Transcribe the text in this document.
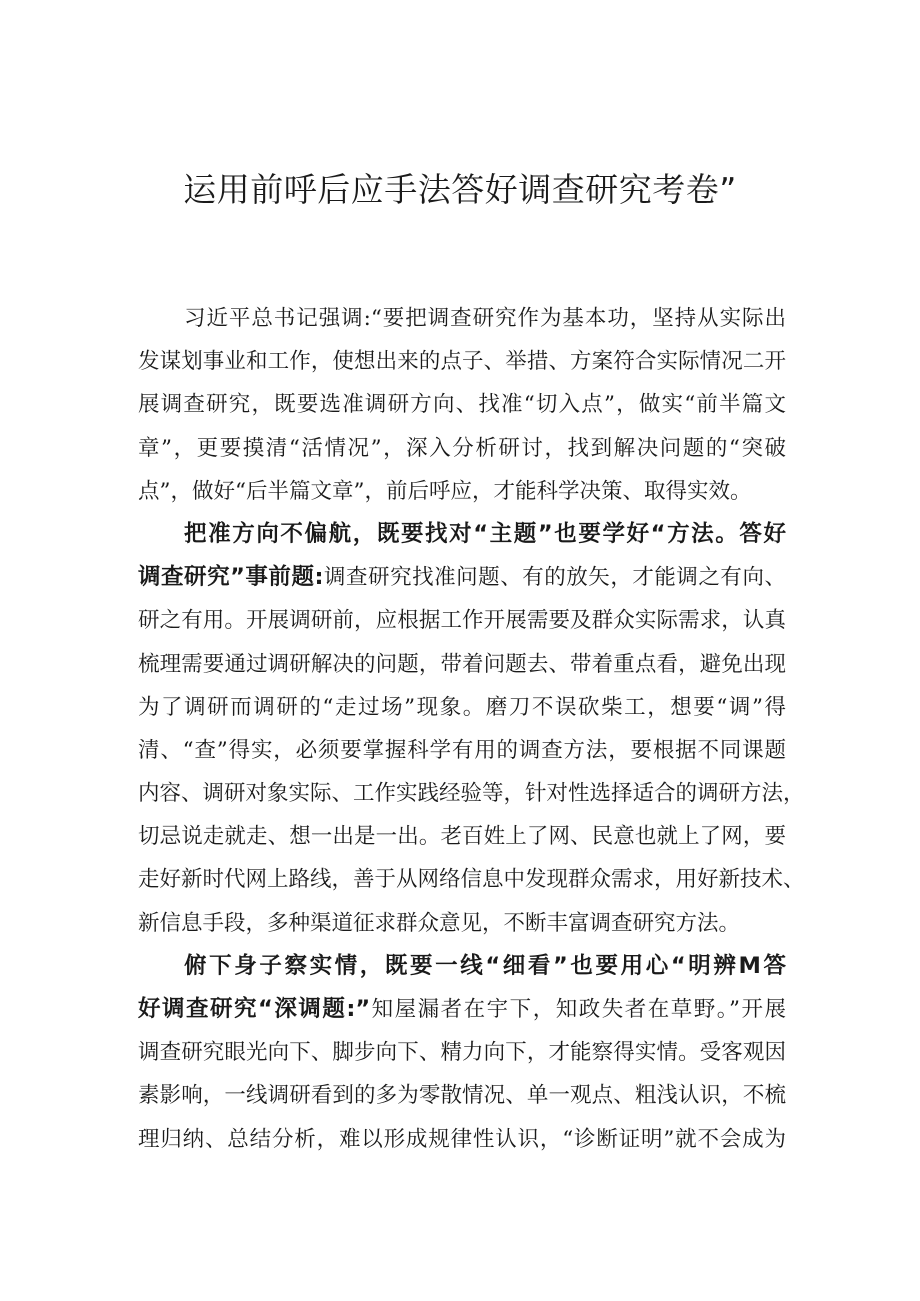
运用前呼后应手法答好调查研究考卷”
习近平总书记强调:“要把调查研究作为基本功，坚持从实际出
发谋划事业和工作，使想出来的点子、举措、方案符合实际情况二开
展调查研究，既要选准调研方向、找准“切入点”，做实“前半篇文
章”，更要摸清“活情况”，深入分析研讨，找到解决问题的“突破
点”，做好“后半篇文章”，前后呼应，才能科学决策、取得实效。
把准方向不偏航，既要找对“主题”也要学好“方法。答好
调查研究”事前题:调查研究找准问题、有的放矢，才能调之有向、
研之有用。开展调研前，应根据工作开展需要及群众实际需求，认真
梳理需要通过调研解决的问题，带着问题去、带着重点看，避免出现
为了调研而调研的“走过场”现象。磨刀不误砍柴工，想要“调”得
清、“查”得实，必须要掌握科学有用的调查方法，要根据不同课题
内容、调研对象实际、工作实践经验等，针对性选择适合的调研方法，
切忌说走就走、想一出是一出。老百姓上了网、民意也就上了网，要
走好新时代网上路线，善于从网络信息中发现群众需求，用好新技术、
新信息手段，多种渠道征求群众意见，不断丰富调查研究方法。
俯下身子察实情，既要一线“细看”也要用心“明辨M答
好调查研究“深调题:”知屋漏者在宇下，知政失者在草野。”开展
调查研究眼光向下、脚步向下、精力向下，才能察得实情。受客观因
素影响，一线调研看到的多为零散情况、单一观点、粗浅认识，不梳
理归纳、总结分析，难以形成规律性认识，“诊断证明”就不会成为
